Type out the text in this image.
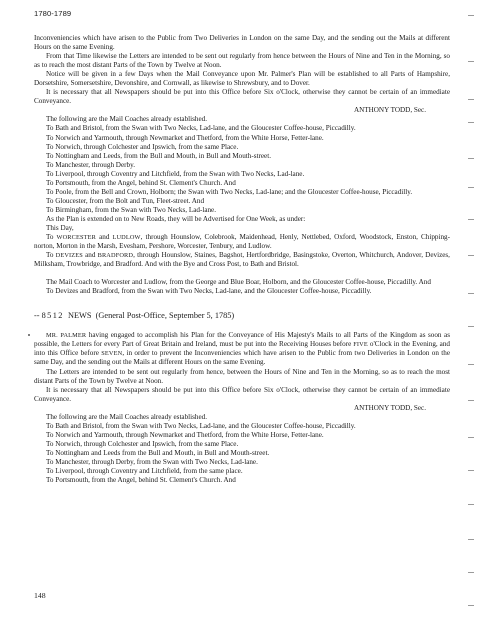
1780-1789

Inconveniencies which have arisen to the Public from Two Deliveries in London on the same Day, and the sending out the Mails at different Hours on the same Evening.

From that Time likewise the Letters are intended to be sent out regularly from hence between the Hours of Nine and Ten in the Morning, so as to reach the most distant Parts of the Town by Twelve at Noon.

Notice will be given in a few Days when the Mail Conveyance upon Mr. Palmer's Plan will be established to all Parts of Hampshire, Dorsetshire, Somersetshire, Devonshire, and Cornwall, as likewise to Shrewsbury, and to Dover.

It is necessary that all Newspapers should be put into this Office before Six o'Clock, otherwise they cannot be certain of an immediate Conveyance.

ANTHONY TODD, Sec.

The following are the Mail Coaches already established.

To Bath and Bristol, from the Swan with Two Necks, Lad-lane, and the Gloucester Coffee-house, Piccadilly.

To Norwich and Yarmouth, through Newmarket and Thetford, from the White Horse, Fetter-lane.

To Norwich, through Colchester and Ipswich, from the same Place.

To Nottingham and Leeds, from the Bull and Mouth, in Bull and Mouth-street.

To Manchester, through Derby.

To Liverpool, through Coventry and Litchfield, from the Swan with Two Necks, Lad-lane.

To Portsmouth, from the Angel, behind St. Clement's Church. And

To Poole, from the Bell and Crown, Holborn; the Swan with Two Necks, Lad-lane; and the Gloucester Coffee-house, Piccadilly.

To Gloucester, from the Bolt and Tun, Fleet-street. And

To Birmingham, from the Swan with Two Necks, Lad-lane.

As the Plan is extended on to New Roads, they will be Advertised for One Week, as under:

This Day,

To WORCESTER and LUDLOW, through Hounslow, Colebrook, Maidenhead, Henly, Nettlebed, Oxford, Woodstock, Enston, Chipping-norton, Morton in the Marsh, Evesham, Pershore, Worcester, Tenbury, and Ludlow.

To DEVIZES and BRADFORD, through Hounslow, Staines, Bagshot, Hertfordbridge, Basingstoke, Overton, Whitchurch, Andover, Devizes, Milksham, Trowbridge, and Bradford. And with the Bye and Cross Post, to Bath and Bristol.

The Mail Coach to Worcester and Ludlow, from the George and Blue Boar, Holborn, and the Gloucester Coffee-house, Piccadilly. And

To Devizes and Bradford, from the Swan with Two Necks, Lad-lane, and the Gloucester Coffee-house, Piccadilly.

-- 8512 NEWS (General Post-Office, September 5, 1785)

MR. PALMER having engaged to accomplish his Plan for the Conveyance of His Majesty's Mails to all Parts of the Kingdom as soon as possible, the Letters for every Part of Great Britain and Ireland, must be put into the Receiving Houses before FIVE o'Clock in the Evening, and into this Office before SEVEN, in order to prevent the Inconveniencies which have arisen to the Public from two Deliveries in London on the same Day, and the sending out the Mails at different Hours on the same Evening.

The Letters are intended to be sent out regularly from hence, between the Hours of Nine and Ten in the Morning, so as to reach the most distant Parts of the Town by Twelve at Noon.

It is necessary that all Newspapers should be put into this Office before Six o'Clock, otherwise they cannot be certain of an immediate Conveyance.

ANTHONY TODD, Sec.

The following are the Mail Coaches already established.

To Bath and Bristol, from the Swan with Two Necks, Lad-lane, and the Gloucester Coffee-house, Piccadilly.

To Norwich and Yarmouth, through Newmarket and Thetford, from the White Horse, Fetter-lane.

To Norwich, through Colchester and Ipswich, from the same Place.

To Nottingham and Leeds from the Bull and Mouth, in Bull and Mouth-street.

To Manchester, through Derby, from the Swan with Two Necks, Lad-lane.

To Liverpool, through Coventry and Litchfield, from the same place.

To Portsmouth, from the Angel, behind St. Clement's Church. And

148
